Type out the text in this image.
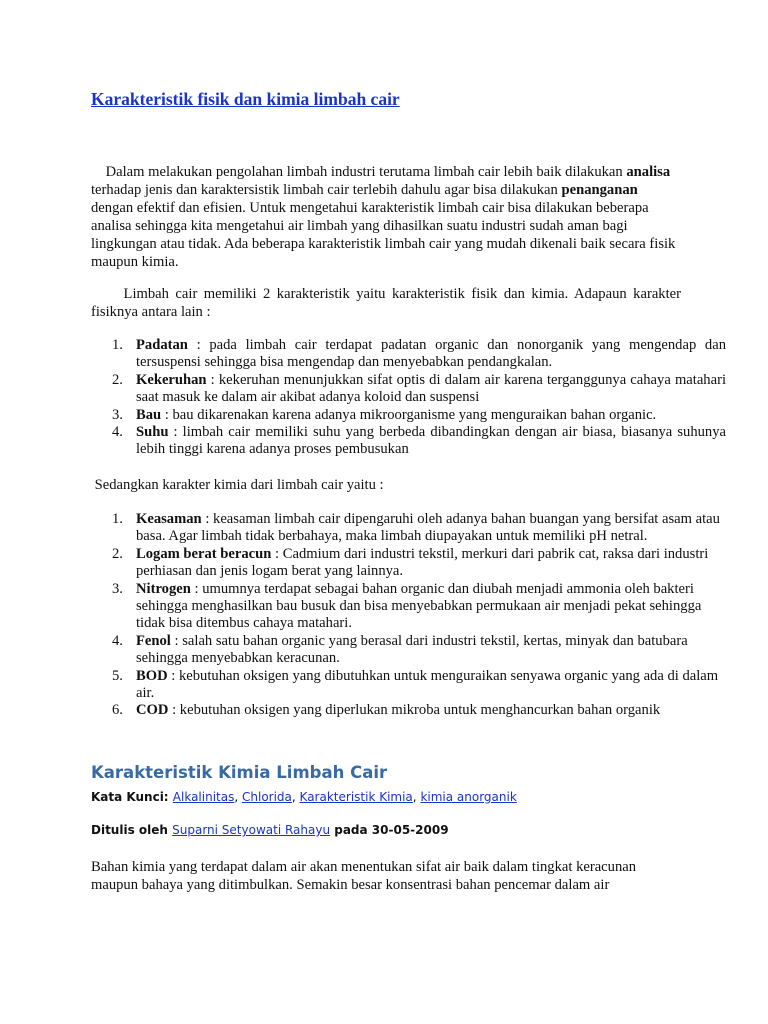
Karakteristik fisik dan kimia limbah cair

Dalam melakukan pengolahan limbah industri terutama limbah cair lebih baik dilakukan analisa terhadap jenis dan karaktersistik limbah cair terlebih dahulu agar bisa dilakukan penanganan dengan efektif dan efisien. Untuk mengetahui karakteristik limbah cair bisa dilakukan beberapa analisa sehingga kita mengetahui air limbah yang dihasilkan suatu industri sudah aman bagi lingkungan atau tidak. Ada beberapa karakteristik limbah cair yang mudah dikenali baik secara fisik maupun kimia.

Limbah cair memiliki 2 karakteristik yaitu karakteristik fisik dan kimia. Adapaun karakter fisiknya antara lain :

1. Padatan : pada limbah cair terdapat padatan organic dan nonorganik yang mengendap dan tersuspensi sehingga bisa mengendap dan menyebabkan pendangkalan.
2. Kekeruhan : kekeruhan menunjukkan sifat optis di dalam air karena terganggunya cahaya matahari saat masuk ke dalam air akibat adanya koloid dan suspensi
3. Bau : bau dikarenakan karena adanya mikroorganisme yang menguraikan bahan organic.
4. Suhu : limbah cair memiliki suhu yang berbeda dibandingkan dengan air biasa, biasanya suhunya lebih tinggi karena adanya proses pembusukan

Sedangkan karakter kimia dari limbah cair yaitu :

1. Keasaman : keasaman limbah cair dipengaruhi oleh adanya bahan buangan yang bersifat asam atau basa. Agar limbah tidak berbahaya, maka limbah diupayakan untuk memiliki pH netral.
2. Logam berat beracun : Cadmium dari industri tekstil, merkuri dari pabrik cat, raksa dari industri perhiasan dan jenis logam berat yang lainnya.
3. Nitrogen : umumnya terdapat sebagai bahan organic dan diubah menjadi ammonia oleh bakteri sehingga menghasilkan bau busuk dan bisa menyebabkan permukaan air menjadi pekat sehingga tidak bisa ditembus cahaya matahari.
4. Fenol : salah satu bahan organic yang berasal dari industri tekstil, kertas, minyak dan batubara sehingga menyebabkan keracunan.
5. BOD : kebutuhan oksigen yang dibutuhkan untuk menguraikan senyawa organic yang ada di dalam air.
6. COD : kebutuhan oksigen yang diperlukan mikroba untuk menghancurkan bahan organik
Karakteristik Kimia Limbah Cair
Kata Kunci: Alkalinitas, Chlorida, Karakteristik Kimia, kimia anorganik
Ditulis oleh Suparni Setyowati Rahayu pada 30-05-2009

Bahan kimia yang terdapat dalam air akan menentukan sifat air baik dalam tingkat keracunan maupun bahaya yang ditimbulkan. Semakin besar konsentrasi bahan pencemar dalam air
